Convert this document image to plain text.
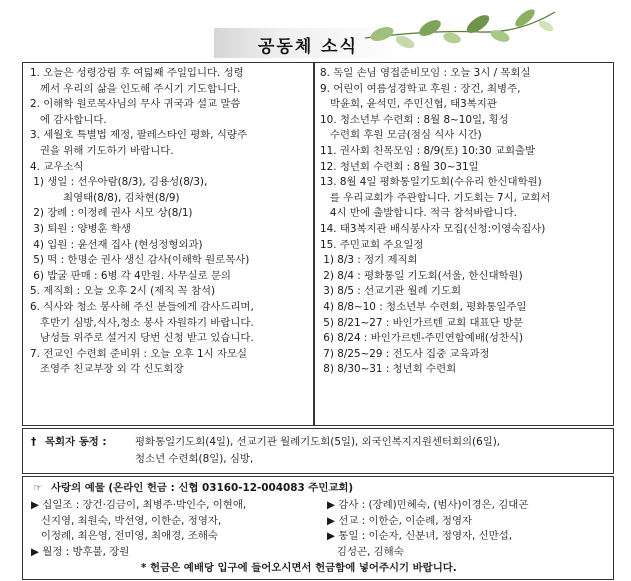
공동체 소식
1. 오늘은 성령강림 후 여덟째 주일입니다. 성령
께서 우리의 삶을 인도해 주시기 기도합니다.
2. 이해학 원로목사님의 무사 귀국과 설교 말씀
에 감사합니다.
3. 세월호 특별법 제정, 팔레스타인 평화, 식량주
권을 위해 기도하기 바랍니다.
4. 교우소식
1) 생일 : 선우아람(8/3), 김용성(8/3),
최영태(8/8), 김차현(8/9)
2) 장례 : 이정례 권사 시모 상(8/1)
3) 퇴원 : 양병훈 학생
4) 입원 : 윤선재 집사 (현성정형외과)
5) 떡 : 한명순 권사 생신 감사(이해학 원로목사)
6) 밥굴 판매 : 6병 각 4만원. 사무실로 문의
5. 제직회 : 오늘 오후 2시 (제직 꼭 참석)
6. 식사와 청소 봉사해 주신 분들에게 감사드리며,
후반기 심방,식사,청소 봉사 자원하기 바랍니다.
남성들 위주로 설거지 당번 신청 받고 있습니다.
7. 전교인 수련회 준비위 : 오늘 오후 1시 자모실
조영주 친교부장 외 각 신도회장
8. 독일 손님 영접준비모임 : 오늘 3시 / 목회실
9. 어린이 여름성경학교 후원 : 장건, 최병주,
박윤희, 윤석민, 주민신협, 태3복지관
10. 청소년부 수련회 : 8월 8~10일, 횡성
수련회 후원 모금(점심 식사 시간)
11. 권사회 친목모임 : 8/9(토) 10:30 교회출발
12. 청년회 수련회 : 8월 30~31일
13. 8월 4일 평화통일기도회(수유리 한신대학원)
를 우리교회가 주관합니다. 기도회는 7시, 교회서
4시 반에 출발합니다. 적극 참석바랍니다.
14. 태3복지관 배식봉사자 모집(신청:이영숙집사)
15. 주민교회 주요일정
1) 8/3 : 정기 제직회
2) 8/4 : 평화통일 기도회(서울, 한신대학원)
3) 8/5 : 선교기관 월례 기도회
4) 8/8~10 : 청소년부 수련회, 평화통일주일
5) 8/21~27 : 바인가르텐 교회 대표단 방문
6) 8/24 : 바인가르텐-주민연합예배(성찬식)
7) 8/25~29 : 전도사 집중 교육과정
8) 8/30~31 : 청년회 수련회
† 목회자 동정 :	평화통일기도회(4일), 선교기관 월례기도회(5일), 외국인복지지원센터회의(6일),
청소년 수련회(8일), 심방,
☞ 사랑의 예물 (온라인 헌금 : 신협 03160-12-004083 주민교회)
▶ 십일조 : 장건·김금이, 최병주·박인수, 이현애,
신지영, 최원숙, 박선영, 이한순, 정영자,
이정례, 최은영, 전미영, 최애경, 조해숙
▶ 월정 : 방후불, 장원
▶ 감사 : (장례)민혜숙, (범사)이경은, 김대곤
▶ 선교 : 이한순, 이순례, 정영자
▶ 통일 : 이순자, 신분녀, 정영자, 신만섭,
김성곤, 김해숙
* 헌금은 예배당 입구에 들어오시면서 헌금함에 넣어주시기 바랍니다.
